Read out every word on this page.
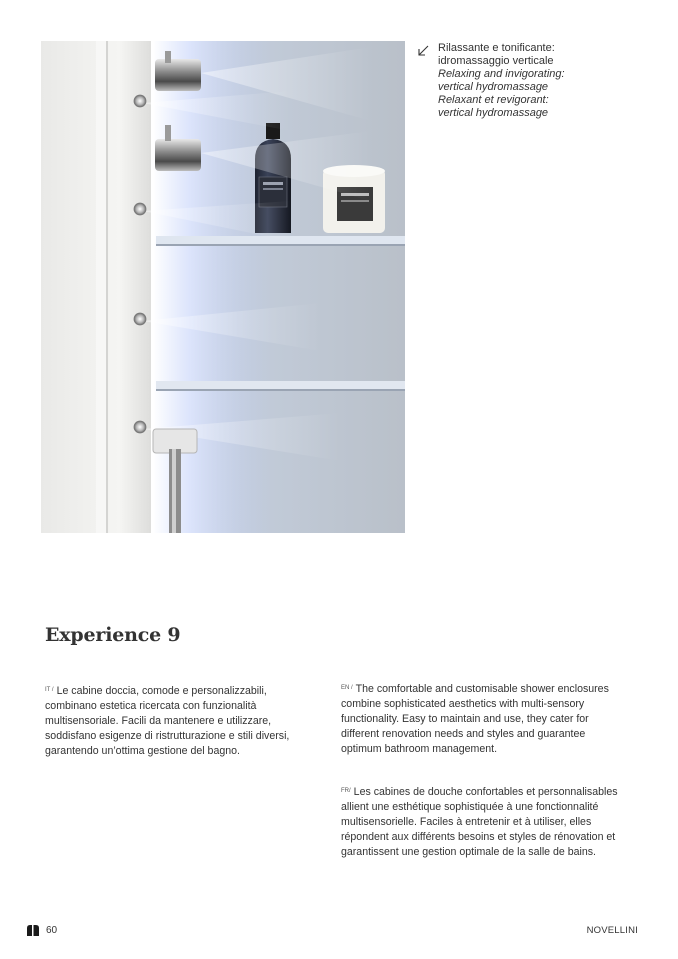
Rilassante e tonificante:
idromassaggio verticale
Relaxing and invigorating:
vertical hydromassage
Relaxant et revigorant:
vertical hydromassage
Experience 9
$^{IT /}$ Le cabine doccia, comode e personalizzabili, combinano estetica ricercata con funzionalità multisensoriale. Facili da mantenere e utilizzare, soddisfano esigenze di ristrutturazione e stili diversi, garantendo un’ottima gestione del bagno.
$^{EN /}$ The comfortable and customisable shower enclosures combine sophisticated aesthetics with multi-sensory functionality. Easy to maintain and use, they cater for different renovation needs and styles and guarantee optimum bathroom management.
$^{FR/}$ Les cabines de douche confortables et personnalisables allient une esthétique sophistiquée à une fonctionnalité multisensorielle. Faciles à entretenir et à utiliser, elles répondent aux différents besoins et styles de rénovation et garantissent une gestion optimale de la salle de bains.
60	NOVELLINI
